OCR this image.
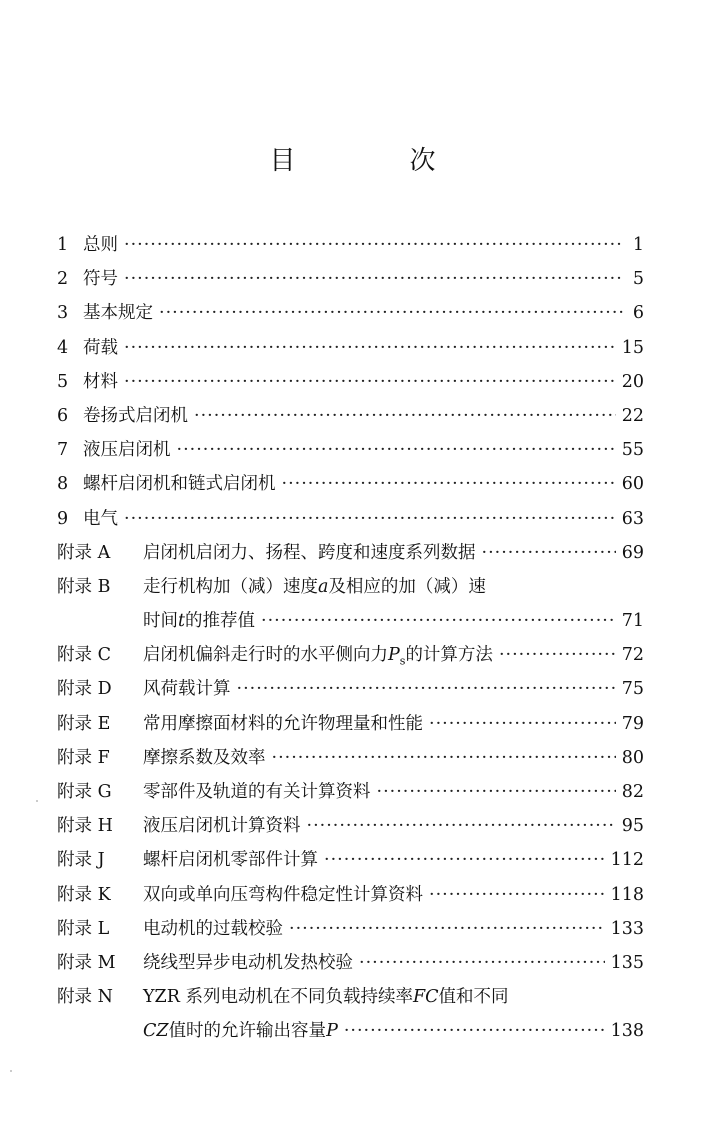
目　次
1 总则 ·····	1
2 符号 ·····	5
3 基本规定 ·····	6
4 荷载 ·····	15
5 材料 ·····	20
6 卷扬式启闭机 ·····	22
7 液压启闭机 ·····	55
8 螺杆启闭机和链式启闭机 ·····	60
9 电气 ·····	63
附录 A	启闭机启闭力、扬程、跨度和速度系列数据 ·····	69
附录 B	走行机构加（减）速度a及相应的加（减）速
时间t的推荐值 ·····	71
附录 C	启闭机偏斜走行时的水平侧向力$P_s$的计算方法 ·····	72
附录 D	风荷载计算 ·····	75
附录 E	常用摩擦面材料的允许物理量和性能 ·····	79
附录 F	摩擦系数及效率 ·····	80
附录 G	零部件及轨道的有关计算资料 ·····	82
附录 H	液压启闭机计算资料 ·····	95
附录 J	螺杆启闭机零部件计算 ·····	112
附录 K	双向或单向压弯构件稳定性计算资料 ·····	118
附录 L	电动机的过载校验 ·····	133
附录 M	绕线型异步电动机发热校验 ·····	135
附录 N	YZR 系列电动机在不同负载持续率FC值和不同
CZ值时的允许输出容量P ·····	138
